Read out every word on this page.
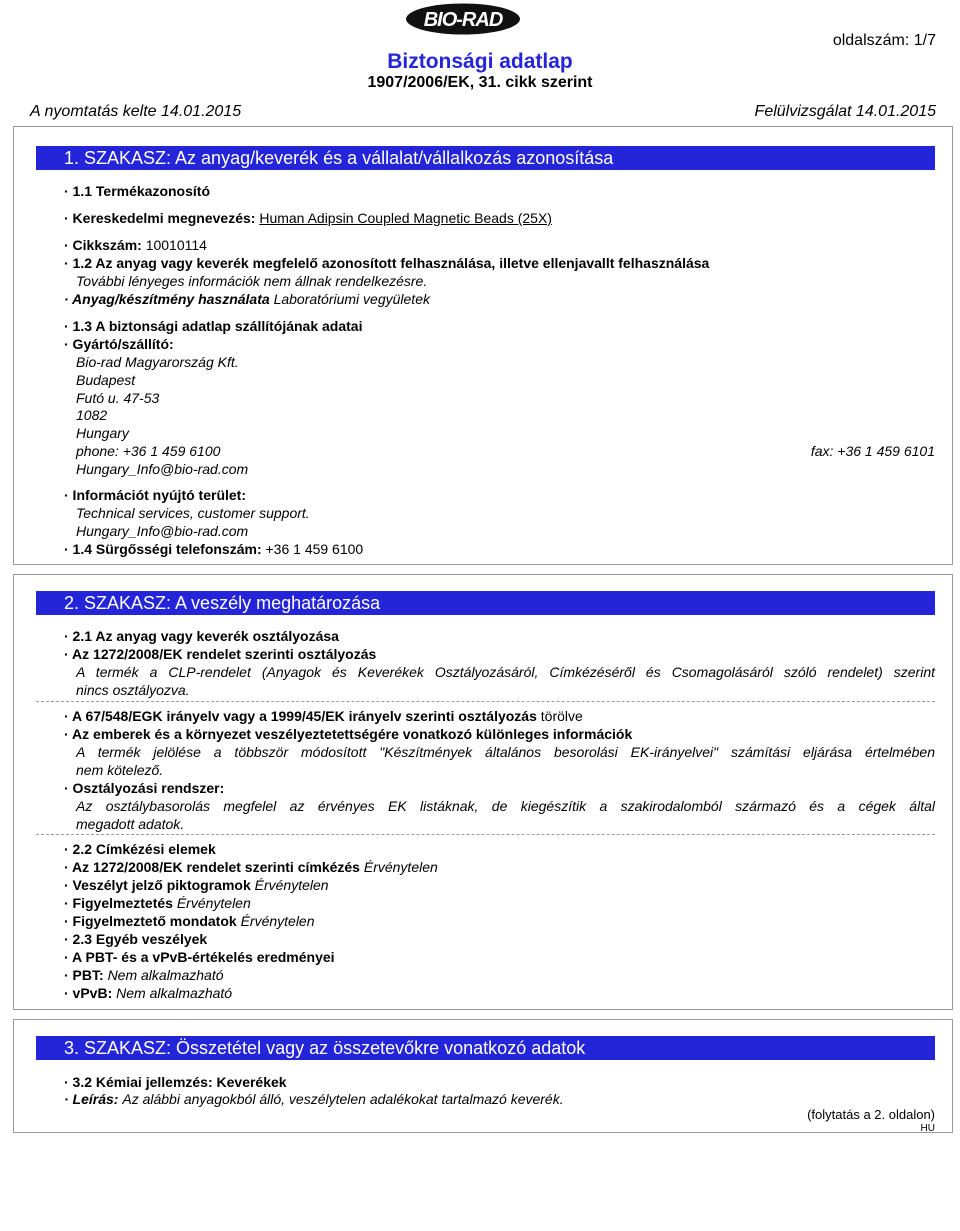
BIO-RAD
oldalszám: 1/7
Biztonsági adatlap
1907/2006/EK, 31. cikk szerint
A nyomtatás kelte 14.01.2015	Felülvizsgálat 14.01.2015
1. SZAKASZ: Az anyag/keverék és a vállalat/vállalkozás azonosítása
· 1.1 Termékazonosító
· Kereskedelmi megnevezés: Human Adipsin Coupled Magnetic Beads (25X)
· Cikkszám: 10010114
· 1.2 Az anyag vagy keverék megfelelő azonosított felhasználása, illetve ellenjavallt felhasználása
További lényeges információk nem állnak rendelkezésre.
· Anyag/készítmény használata Laboratóriumi vegyületek
· 1.3 A biztonsági adatlap szállítójának adatai
· Gyártó/szállító:
Bio-rad Magyarország Kft.
Budapest
Futó u. 47-53
1082
Hungary
phone: +36 1 459 6100	fax: +36 1 459 6101
Hungary_Info@bio-rad.com
· Információt nyújtó terület:
Technical services, customer support.
Hungary_Info@bio-rad.com
· 1.4 Sürgősségi telefonszám: +36 1 459 6100
2. SZAKASZ: A veszély meghatározása
· 2.1 Az anyag vagy keverék osztályozása
· Az 1272/2008/EK rendelet szerinti osztályozás
A termék a CLP-rendelet (Anyagok és Keverékek Osztályozásáról, Címkézéséről és Csomagolásáról szóló rendelet) szerint
nincs osztályozva.
· A 67/548/EGK irányelv vagy a 1999/45/EK irányelv szerinti osztályozás törölve
· Az emberek és a környezet veszélyeztetettségére vonatkozó különleges információk
A termék jelölése a többször módosított "Készítmények általános besorolási EK-irányelvei" számítási eljárása értelmében
nem kötelező.
· Osztályozási rendszer:
Az osztálybasorolás megfelel az érvényes EK listáknak, de kiegészítik a szakirodalomból származó és a cégek által
megadott adatok.
· 2.2 Címkézési elemek
· Az 1272/2008/EK rendelet szerinti címkézés Érvénytelen
· Veszélyt jelző piktogramok Érvénytelen
· Figyelmeztetés Érvénytelen
· Figyelmeztető mondatok Érvénytelen
· 2.3 Egyéb veszélyek
· A PBT- és a vPvB-értékelés eredményei
· PBT: Nem alkalmazható
· vPvB: Nem alkalmazható
3. SZAKASZ: Összetétel vagy az összetevőkre vonatkozó adatok
· 3.2 Kémiai jellemzés: Keverékek
· Leírás: Az alábbi anyagokból álló, veszélytelen adalékokat tartalmazó keverék.
(folytatás a 2. oldalon)
HU
